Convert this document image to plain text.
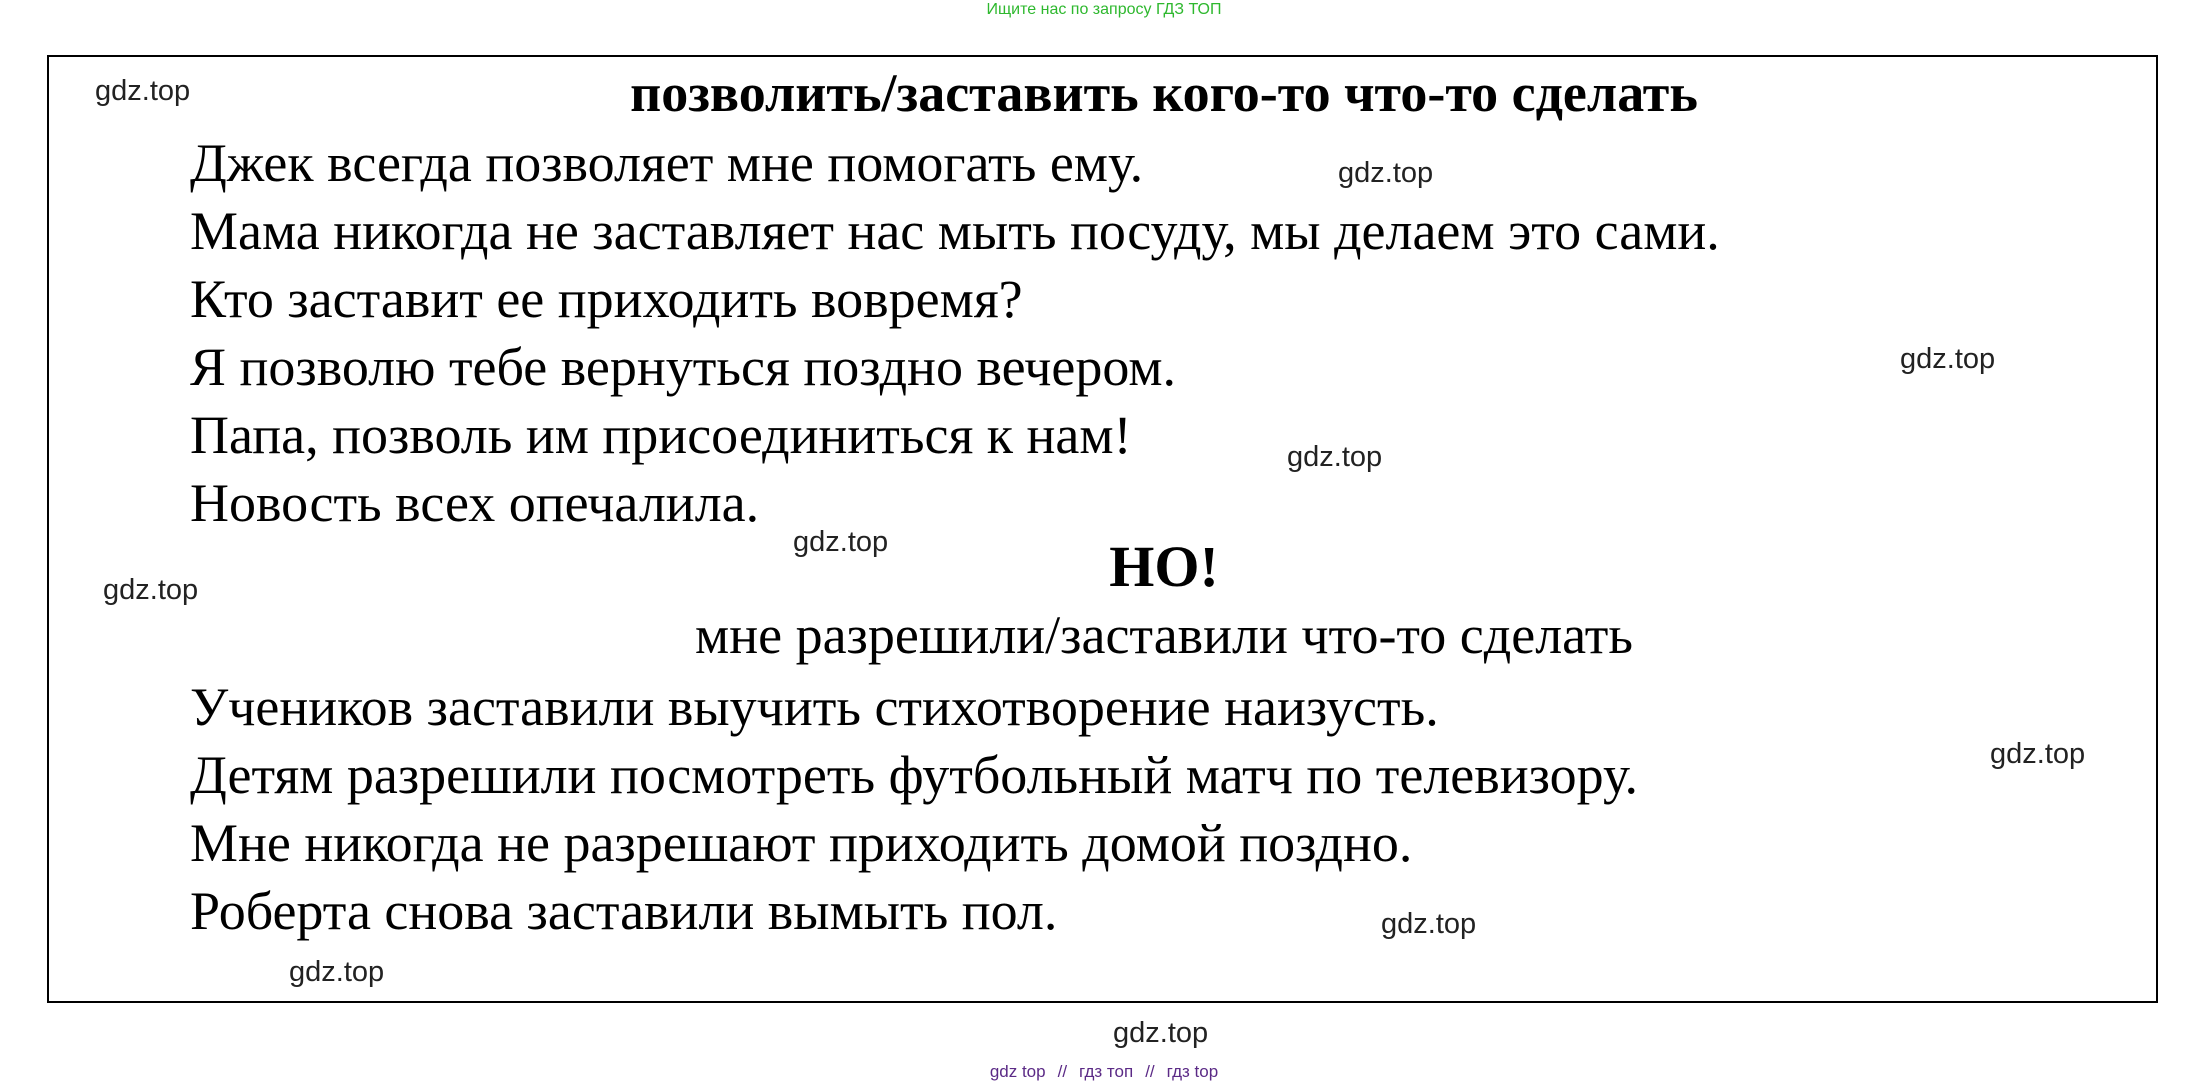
Ищите нас по запросу ГДЗ ТОП
позволить/заставить кого-то что-то сделать
Джек всегда позволяет мне помогать ему.
Мама никогда не заставляет нас мыть посуду, мы делаем это сами.
Кто заставит ее приходить вовремя?
Я позволю тебе вернуться поздно вечером.
Папа, позволь им присоединиться к нам!
Новость всех опечалила.
НО!
мне разрешили/заставили что-то сделать
Учеников заставили выучить стихотворение наизусть.
Детям разрешили посмотреть футбольный матч по телевизору.
Мне никогда не разрешают приходить домой поздно.
Роберта снова заставили вымыть пол.
gdz.top
gdz.top
gdz.top
gdz.top
gdz.top
gdz.top
gdz.top
gdz.top
gdz.top
gdz.top
gdz top // гдз топ // гдз top
